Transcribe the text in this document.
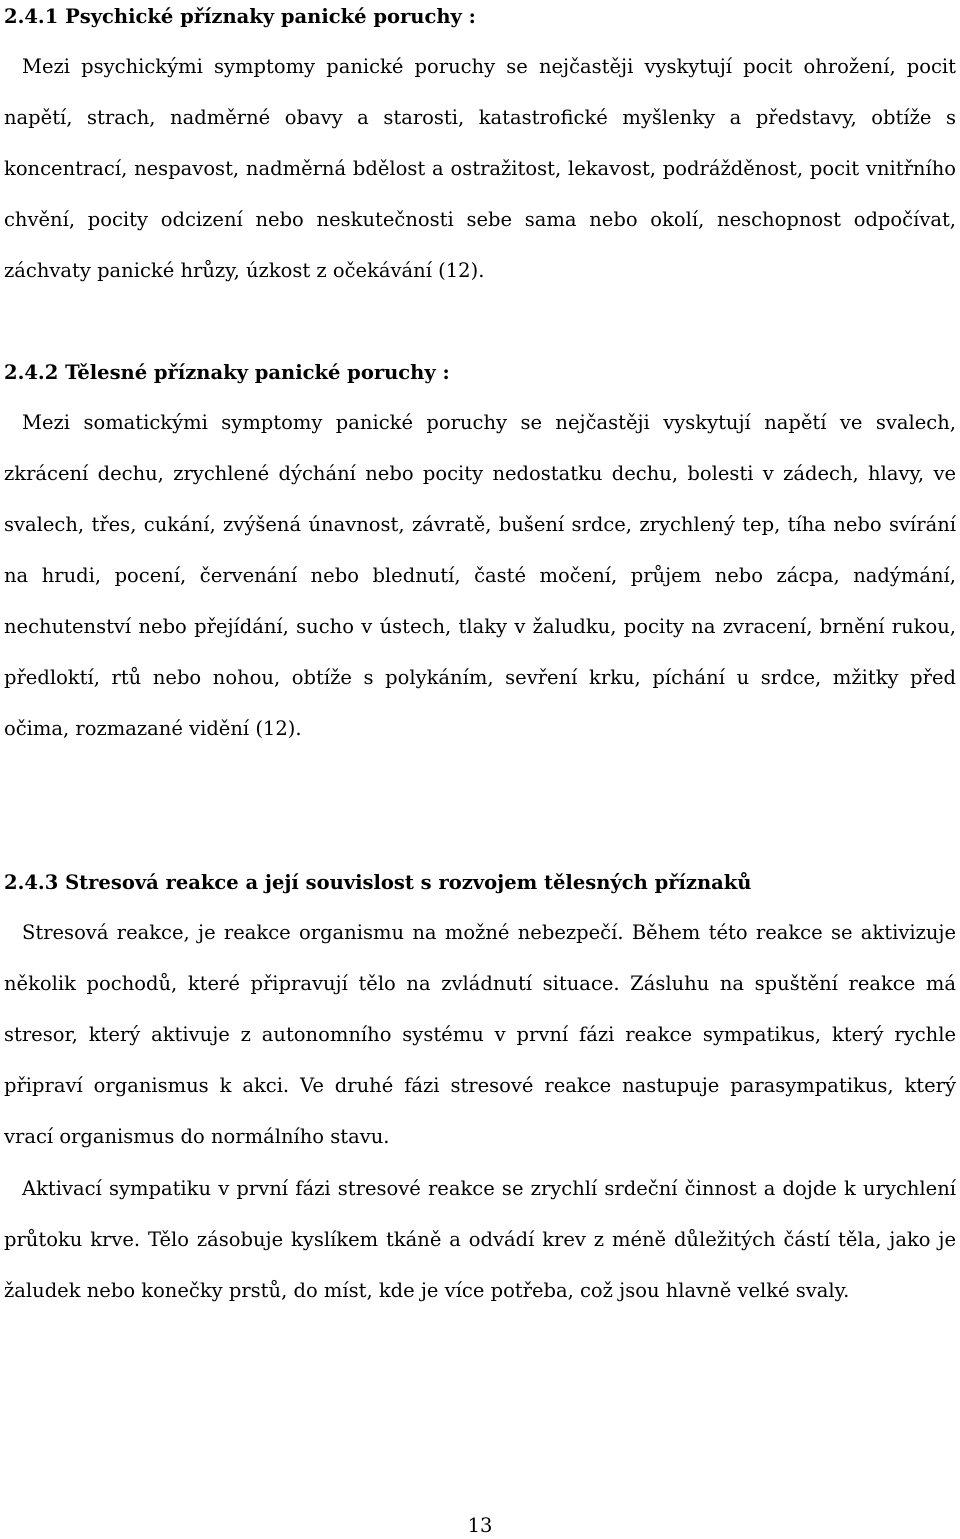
2.4.1 Psychické příznaky panické poruchy :

Mezi psychickými symptomy panické poruchy se nejčastěji vyskytují pocit ohrožení, pocit napětí, strach, nadměrné obavy a starosti, katastrofické myšlenky a představy, obtíže s koncentrací, nespavost, nadměrná bdělost a ostražitost, lekavost, podrážděnost, pocit vnitřního chvění, pocity odcizení nebo neskutečnosti sebe sama nebo okolí, neschopnost odpočívat, záchvaty panické hrůzy, úzkost z očekávání (12).

2.4.2 Tělesné příznaky panické poruchy :

Mezi somatickými symptomy panické poruchy se nejčastěji vyskytují napětí ve svalech, zkrácení dechu, zrychlené dýchání nebo pocity nedostatku dechu, bolesti v zádech, hlavy, ve svalech, třes, cukání, zvýšená únavnost, závratě, bušení srdce, zrychlený tep, tíha nebo svírání na hrudi, pocení, červenání nebo blednutí, časté močení, průjem nebo zácpa, nadýmání, nechutenství nebo přejídání, sucho v ústech, tlaky v žaludku, pocity na zvracení, brnění rukou, předloktí, rtů nebo nohou, obtíže s polykáním, sevření krku, píchání u srdce, mžitky před očima, rozmazané vidění (12).

2.4.3 Stresová reakce a její souvislost s rozvojem tělesných příznaků

Stresová reakce, je reakce organismu na možné nebezpečí. Během této reakce se aktivizuje několik pochodů, které připravují tělo na zvládnutí situace. Zásluhu na spuštění reakce má stresor, který aktivuje z autonomního systému v první fázi reakce sympatikus, který rychle připraví organismus k akci. Ve druhé fázi stresové reakce nastupuje parasympatikus, který vrací organismus do normálního stavu.

Aktivací sympatiku v první fázi stresové reakce se zrychlí srdeční činnost a dojde k urychlení průtoku krve. Tělo zásobuje kyslíkem tkáně a odvádí krev z méně důležitých částí těla, jako je žaludek nebo konečky prstů, do míst, kde je více potřeba, což jsou hlavně velké svaly.

13
